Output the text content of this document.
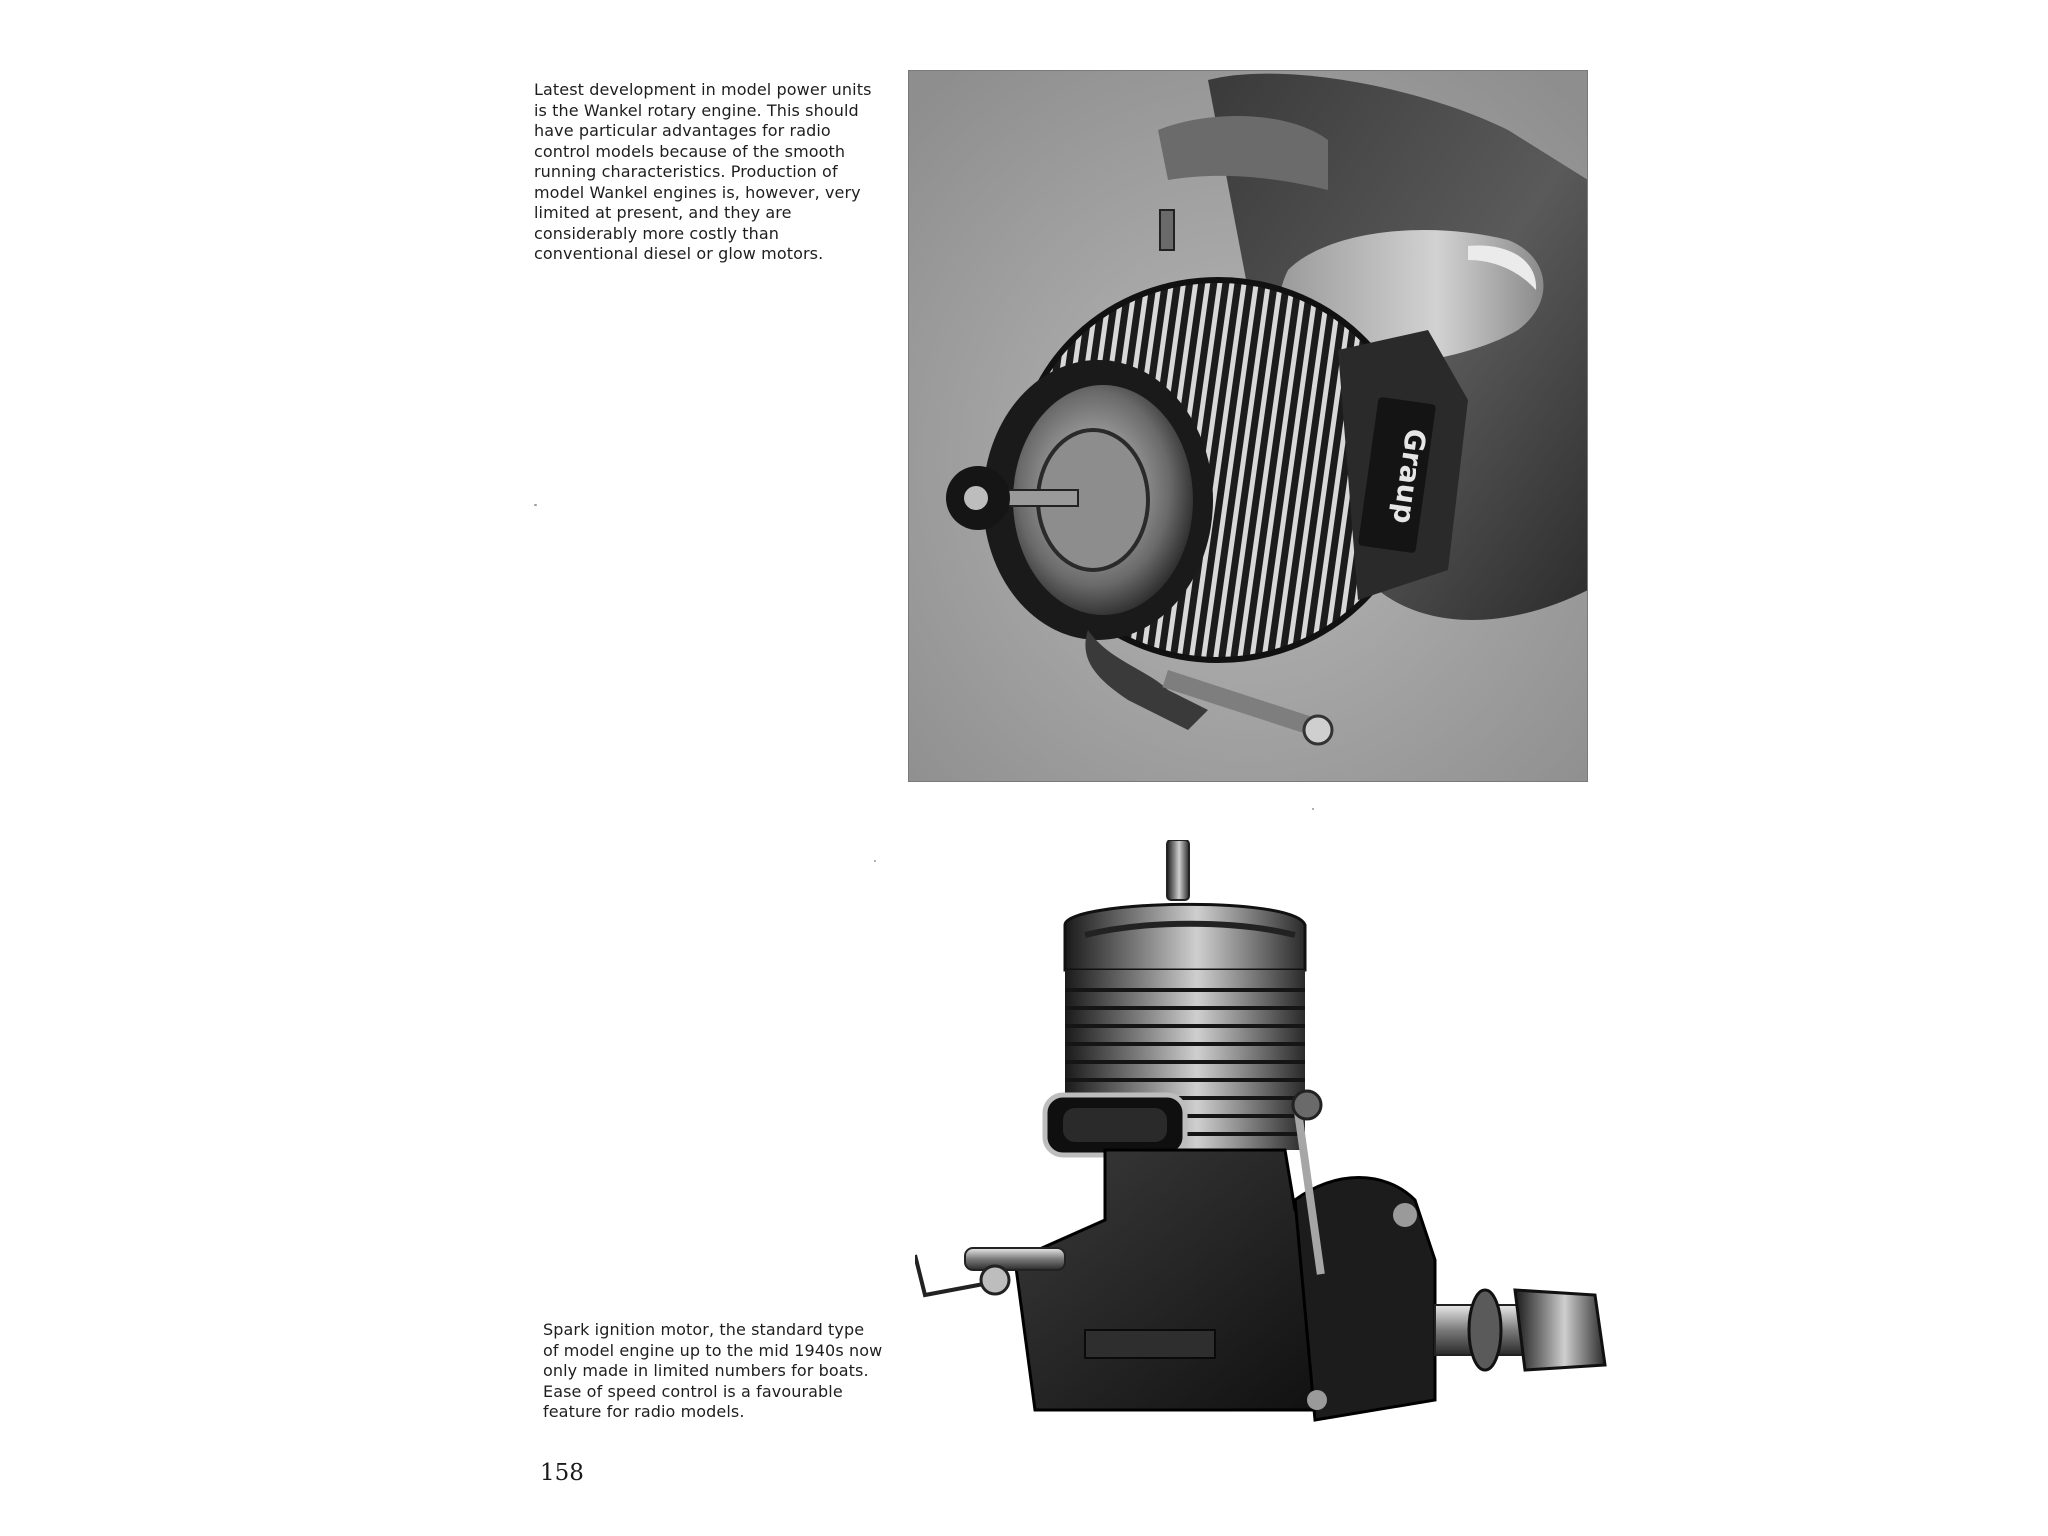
Latest development in model power units is the Wankel rotary engine. This should have particular advantages for radio control models because of the smooth running characteristics. Production of model Wankel engines is, however, very limited at present, and they are considerably more costly than conventional diesel or glow motors.

Graup

Spark ignition motor, the standard type of model engine up to the mid 1940s now only made in limited numbers for boats. Ease of speed control is a favourable feature for radio models.

158
